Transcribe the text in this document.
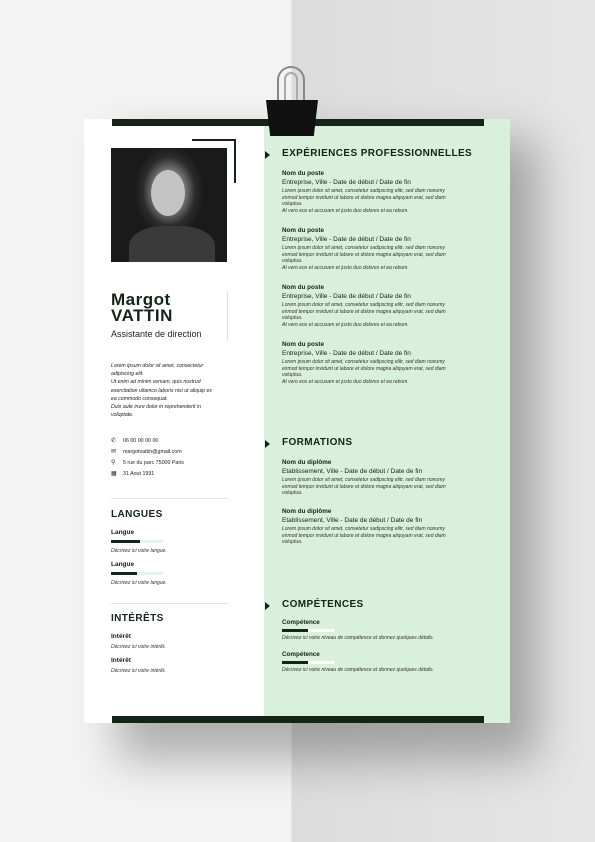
Margot
VATTIN
Assistante de direction
Lorem ipsum dolor sit amet, consectetur
adipiscing elit.
Ut enim ad minim veniam, quis nostrud
exercitation ullamco laboris nisi ut aliquip ex
ea commodo consequat.
Duis aute irure dolor in reprehenderit in
voluptate.
✆	06 00 00 00 00
✉	margotvattin@gmail.com
⚲	5 rue du parc 75000 Paris
▦	31 Aout 1991
LANGUES
Langue
Décrivez ici votre langue.
Langue
Décrivez ici votre langue.
INTÉRÊTS
Intérêt
Décrivez ici votre intérêt.
Intérêt
Décrivez ici votre intérêt.
EXPÉRIENCES PROFESSIONNELLES
Nom du poste
Entreprise, Ville - Date de début / Date de fin
Lorem ipsum dolor sit amet, consetetur sadipscing elitr, sed diam nonumy
eirmod tempor invidunt ut labore et dolore magna aliquyam erat, sed diam
voluptua.
At vero eos et accusam et justo duo dolores et ea rebum.
Nom du poste
Entreprise, Ville - Date de début / Date de fin
Lorem ipsum dolor sit amet, consetetur sadipscing elitr, sed diam nonumy
eirmod tempor invidunt ut labore et dolore magna aliquyam erat, sed diam
voluptua.
At vero eos et accusam et justo duo dolores et ea rebum.
Nom du poste
Entreprise, Ville - Date de début / Date de fin
Lorem ipsum dolor sit amet, consetetur sadipscing elitr, sed diam nonumy
eirmod tempor invidunt ut labore et dolore magna aliquyam erat, sed diam
voluptua.
At vero eos et accusam et justo duo dolores et ea rebum.
Nom du poste
Entreprise, Ville - Date de début / Date de fin
Lorem ipsum dolor sit amet, consetetur sadipscing elitr, sed diam nonumy
eirmod tempor invidunt ut labore et dolore magna aliquyam erat, sed diam
voluptua.
At vero eos et accusam et justo duo dolores et ea rebum.
FORMATIONS
Nom du diplôme
Etablissement, Ville - Date de début / Date de fin
Lorem ipsum dolor sit amet, consetetur sadipscing elitr, sed diam nonumy
eirmod tempor invidunt ut labore et dolore magna aliquyam erat, sed diam
voluptua.
Nom du diplôme
Etablissement, Ville - Date de début / Date de fin
Lorem ipsum dolor sit amet, consetetur sadipscing elitr, sed diam nonumy
eirmod tempor invidunt ut labore et dolore magna aliquyam erat, sed diam
voluptua.
COMPÉTENCES
Compétence
Décrivez ici votre niveau de compétence et donnez quelques détails.
Compétence
Décrivez ici votre niveau de compétence et donnez quelques détails.
